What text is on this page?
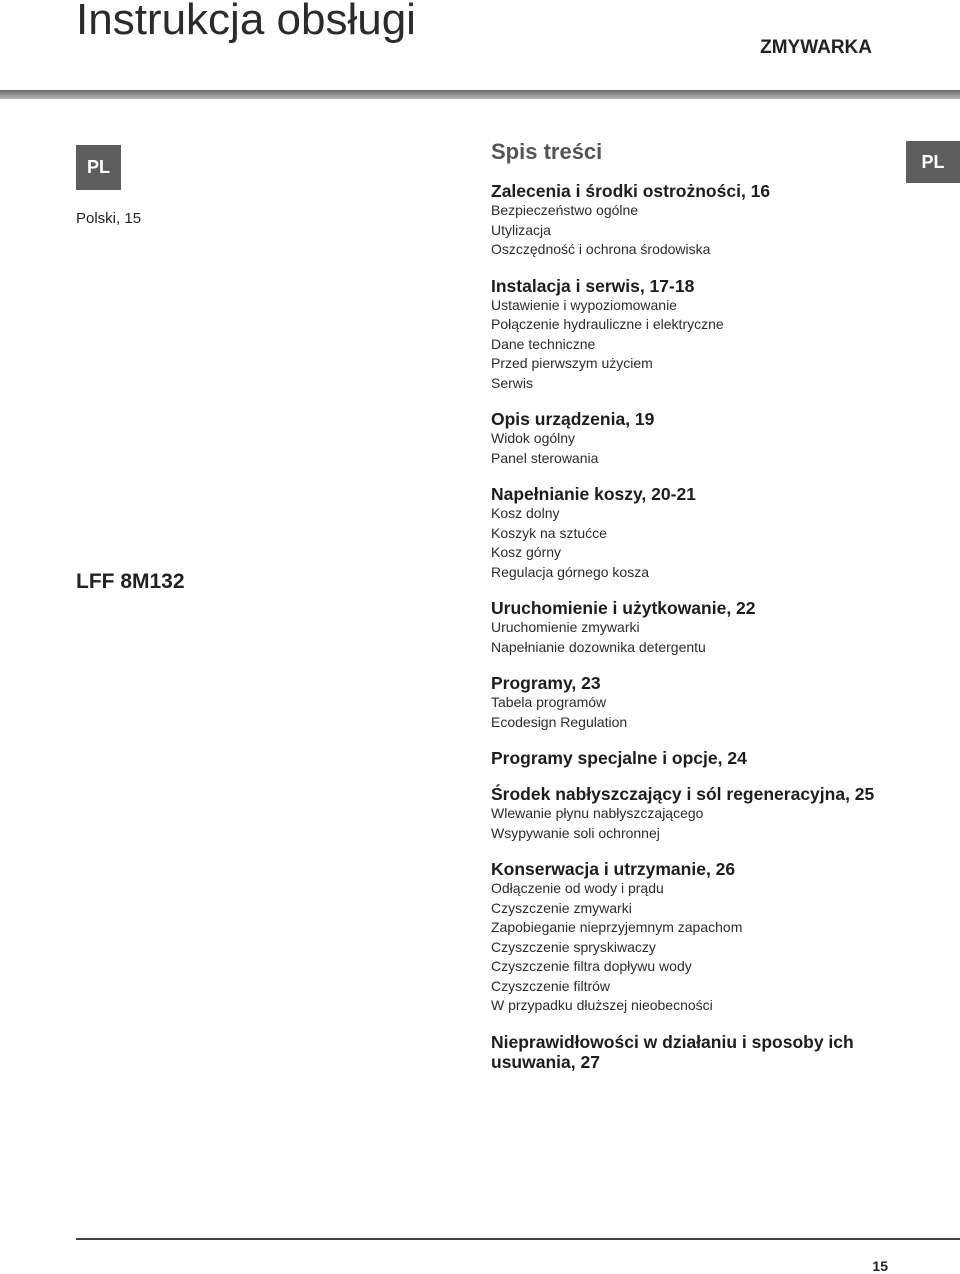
Instrukcja obsługi
ZMYWARKA
PL	PL
Polski, 15
LFF 8M132
Spis treści
Zalecenia i środki ostrożności, 16
Bezpieczeństwo ogólne
Utylizacja
Oszczędność i ochrona środowiska
Instalacja i serwis, 17-18
Ustawienie i wypoziomowanie
Połączenie hydrauliczne i elektryczne
Dane techniczne
Przed pierwszym użyciem
Serwis
Opis urządzenia, 19
Widok ogólny
Panel sterowania
Napełnianie koszy, 20-21
Kosz dolny
Koszyk na sztućce
Kosz górny
Regulacja górnego kosza
Uruchomienie i użytkowanie, 22
Uruchomienie zmywarki
Napełnianie dozownika detergentu
Programy, 23
Tabela programów
Ecodesign Regulation
Programy specjalne i opcje, 24
Środek nabłyszczający i sól regeneracyjna, 25
Wlewanie płynu nabłyszczającego
Wsypywanie soli ochronnej
Konserwacja i utrzymanie, 26
Odłączenie od wody i prądu
Czyszczenie zmywarki
Zapobieganie nieprzyjemnym zapachom
Czyszczenie spryskiwaczy
Czyszczenie filtra dopływu wody
Czyszczenie filtrów
W przypadku dłuższej nieobecności
Nieprawidłowości w działaniu i sposoby ich usuwania, 27
15
